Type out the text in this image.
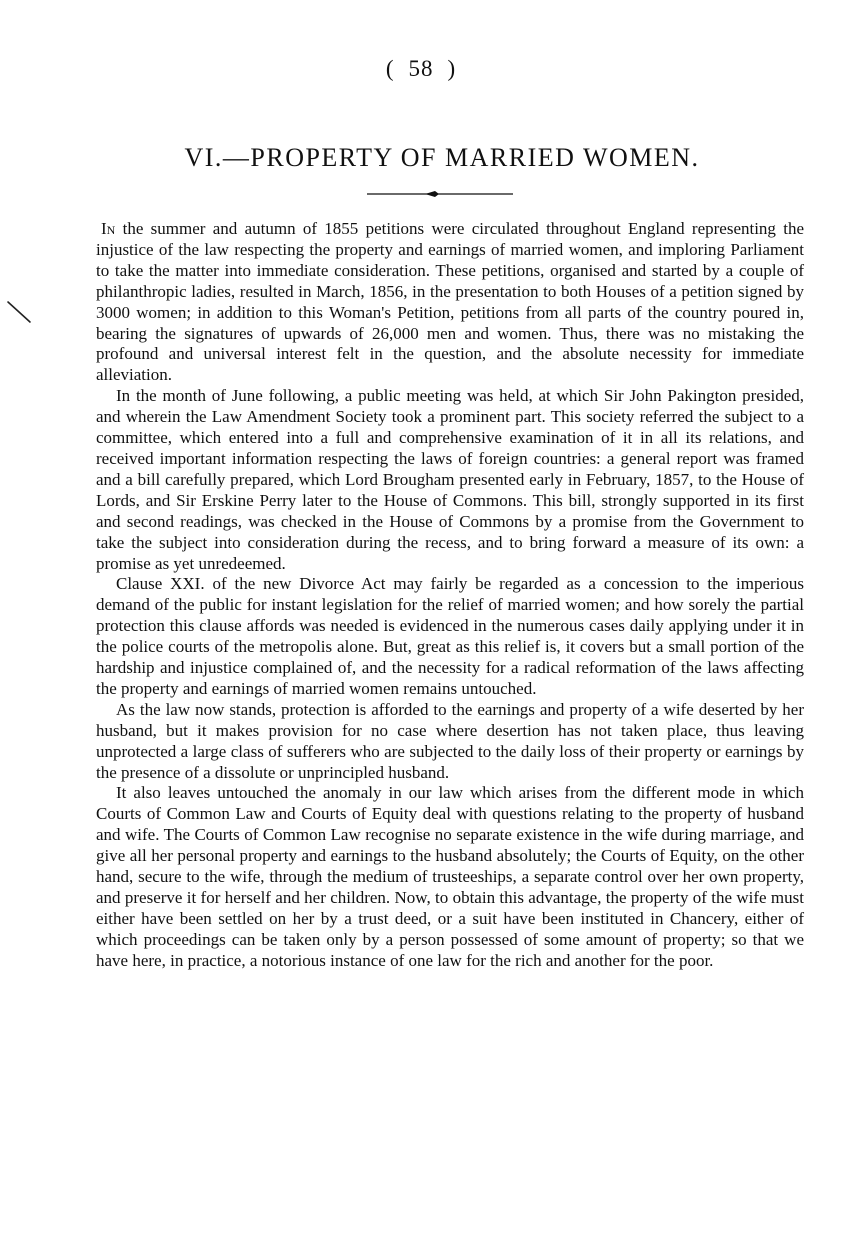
( 58 )
VI.—PROPERTY OF MARRIED WOMEN.

In the summer and autumn of 1855 petitions were circulated throughout England representing the injustice of the law respecting the property and earnings of married women, and imploring Parliament to take the matter into immediate consideration. These petitions, organised and started by a couple of philanthropic ladies, resulted in March, 1856, in the presentation to both Houses of a petition signed by 3000 women; in addition to this Woman's Petition, petitions from all parts of the country poured in, bearing the signatures of upwards of 26,000 men and women. Thus, there was no mistaking the profound and universal interest felt in the question, and the absolute necessity for immediate alleviation.

In the month of June following, a public meeting was held, at which Sir John Pakington presided, and wherein the Law Amendment Society took a prominent part. This society referred the subject to a committee, which entered into a full and comprehensive examination of it in all its relations, and received important information respecting the laws of foreign countries: a general report was framed and a bill carefully prepared, which Lord Brougham presented early in February, 1857, to the House of Lords, and Sir Erskine Perry later to the House of Commons. This bill, strongly supported in its first and second readings, was checked in the House of Commons by a promise from the Government to take the subject into consideration during the recess, and to bring forward a measure of its own: a promise as yet unredeemed.

Clause XXI. of the new Divorce Act may fairly be regarded as a concession to the imperious demand of the public for instant legislation for the relief of married women; and how sorely the partial protection this clause affords was needed is evidenced in the numerous cases daily applying under it in the police courts of the metropolis alone. But, great as this relief is, it covers but a small portion of the hardship and injustice complained of, and the necessity for a radical reformation of the laws affecting the property and earnings of married women remains untouched.

As the law now stands, protection is afforded to the earnings and property of a wife deserted by her husband, but it makes provision for no case where desertion has not taken place, thus leaving unprotected a large class of sufferers who are subjected to the daily loss of their property or earnings by the presence of a dissolute or unprincipled husband.

It also leaves untouched the anomaly in our law which arises from the different mode in which Courts of Common Law and Courts of Equity deal with questions relating to the property of husband and wife. The Courts of Common Law recognise no separate existence in the wife during marriage, and give all her personal property and earnings to the husband absolutely; the Courts of Equity, on the other hand, secure to the wife, through the medium of trusteeships, a separate control over her own property, and preserve it for herself and her children. Now, to obtain this advantage, the property of the wife must either have been settled on her by a trust deed, or a suit have been instituted in Chancery, either of which proceedings can be taken only by a person possessed of some amount of property; so that we have here, in practice, a notorious instance of one law for the rich and another for the poor.
